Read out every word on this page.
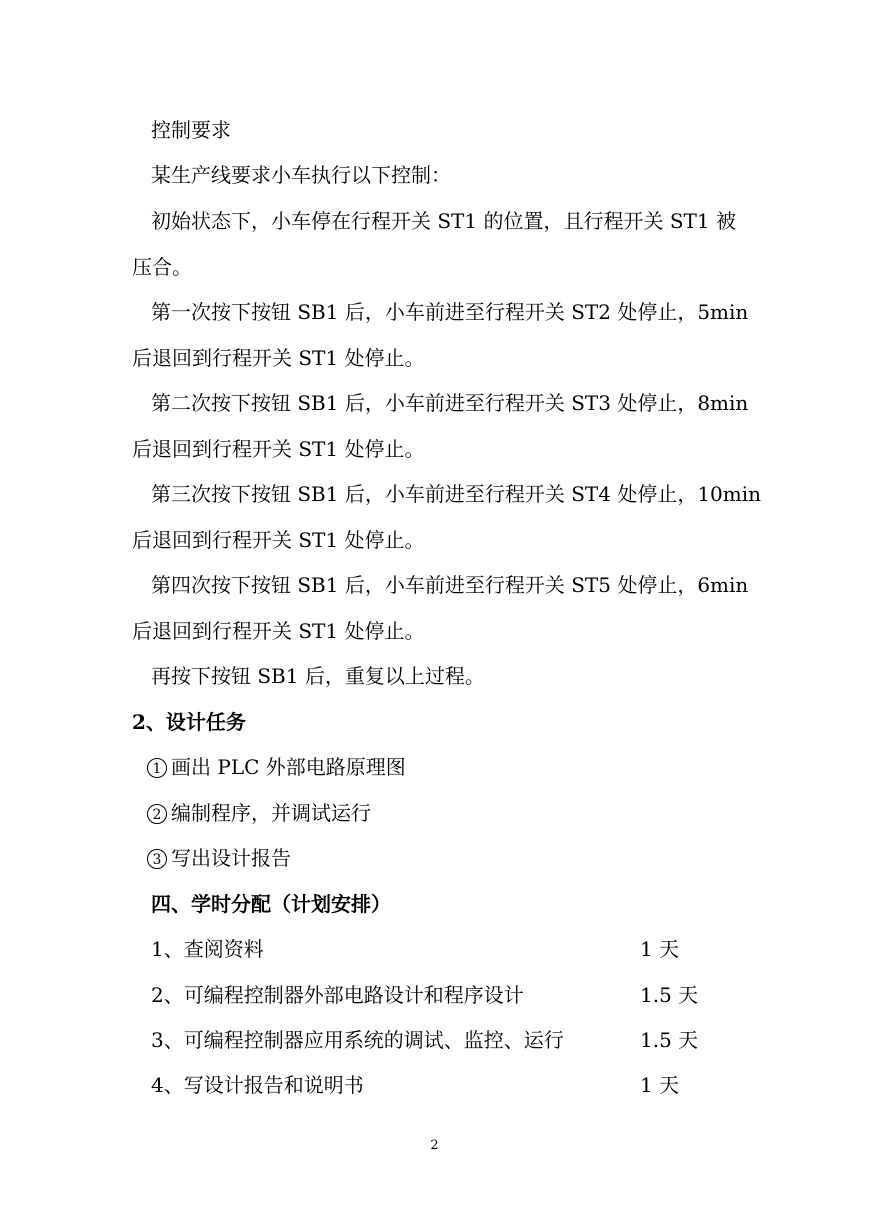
控制要求
某生产线要求小车执行以下控制：
初始状态下，小车停在行程开关 ST1 的位置，且行程开关 ST1 被
压合。
第一次按下按钮 SB1 后，小车前进至行程开关 ST2 处停止，5min
后退回到行程开关 ST1 处停止。
第二次按下按钮 SB1 后，小车前进至行程开关 ST3 处停止，8min
后退回到行程开关 ST1 处停止。
第三次按下按钮 SB1 后，小车前进至行程开关 ST4 处停止，10min
后退回到行程开关 ST1 处停止。
第四次按下按钮 SB1 后，小车前进至行程开关 ST5 处停止，6min
后退回到行程开关 ST1 处停止。
再按下按钮 SB1 后，重复以上过程。
2、设计任务
1 画出 PLC 外部电路原理图
2 编制程序，并调试运行
3 写出设计报告
四、学时分配（计划安排）
1、查阅资料	1 天
2、可编程控制器外部电路设计和程序设计	1.5 天
3、可编程控制器应用系统的调试、监控、运行	1.5 天
4、写设计报告和说明书	1 天
2
